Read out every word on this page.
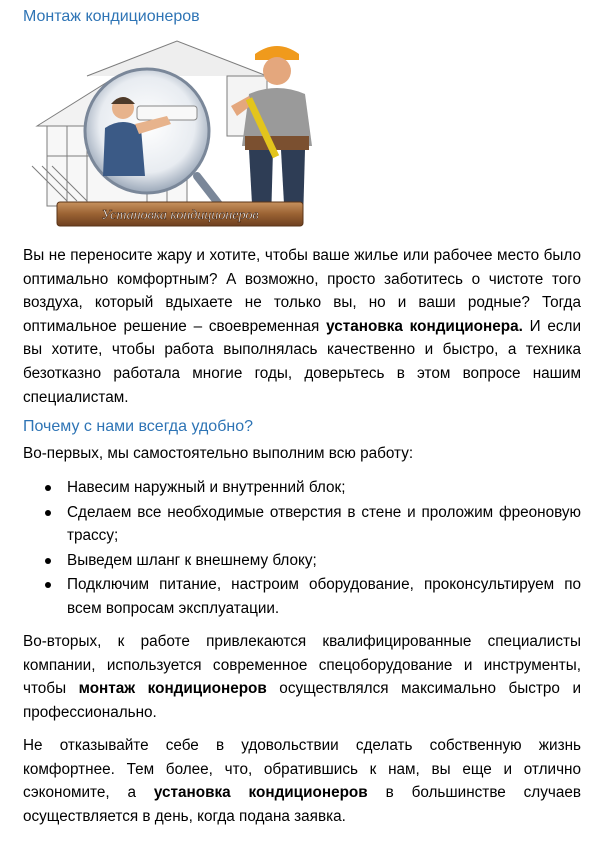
Монтаж кондиционеров
Установка кондиционеров

Вы не переносите жару и хотите, чтобы ваше жилье или рабочее место было оптимально комфортным? А возможно, просто заботитесь о чистоте того воздуха, который вдыхаете не только вы, но и ваши родные? Тогда оптимальное решение – своевременная установка кондиционера. И если вы хотите, чтобы работа выполнялась качественно и быстро, а техника безотказно работала многие годы, доверьтесь в этом вопросе нашим специалистам.

Почему с нами всегда удобно?

Во-первых, мы самостоятельно выполним всю работу:

Навесим наружный и внутренний блок;
Сделаем все необходимые отверстия в стене и проложим фреоновую трассу;
Выведем шланг к внешнему блоку;
Подключим питание, настроим оборудование, проконсультируем по всем вопросам эксплуатации.

Во-вторых, к работе привлекаются квалифицированные специалисты компании, используется современное спецоборудование и инструменты, чтобы монтаж кондиционеров осуществлялся максимально быстро и профессионально.

Не отказывайте себе в удовольствии сделать собственную жизнь комфортнее. Тем более, что, обратившись к нам, вы еще и отлично сэкономите, а установка кондиционеров в большинстве случаев осуществляется в день, когда подана заявка.
